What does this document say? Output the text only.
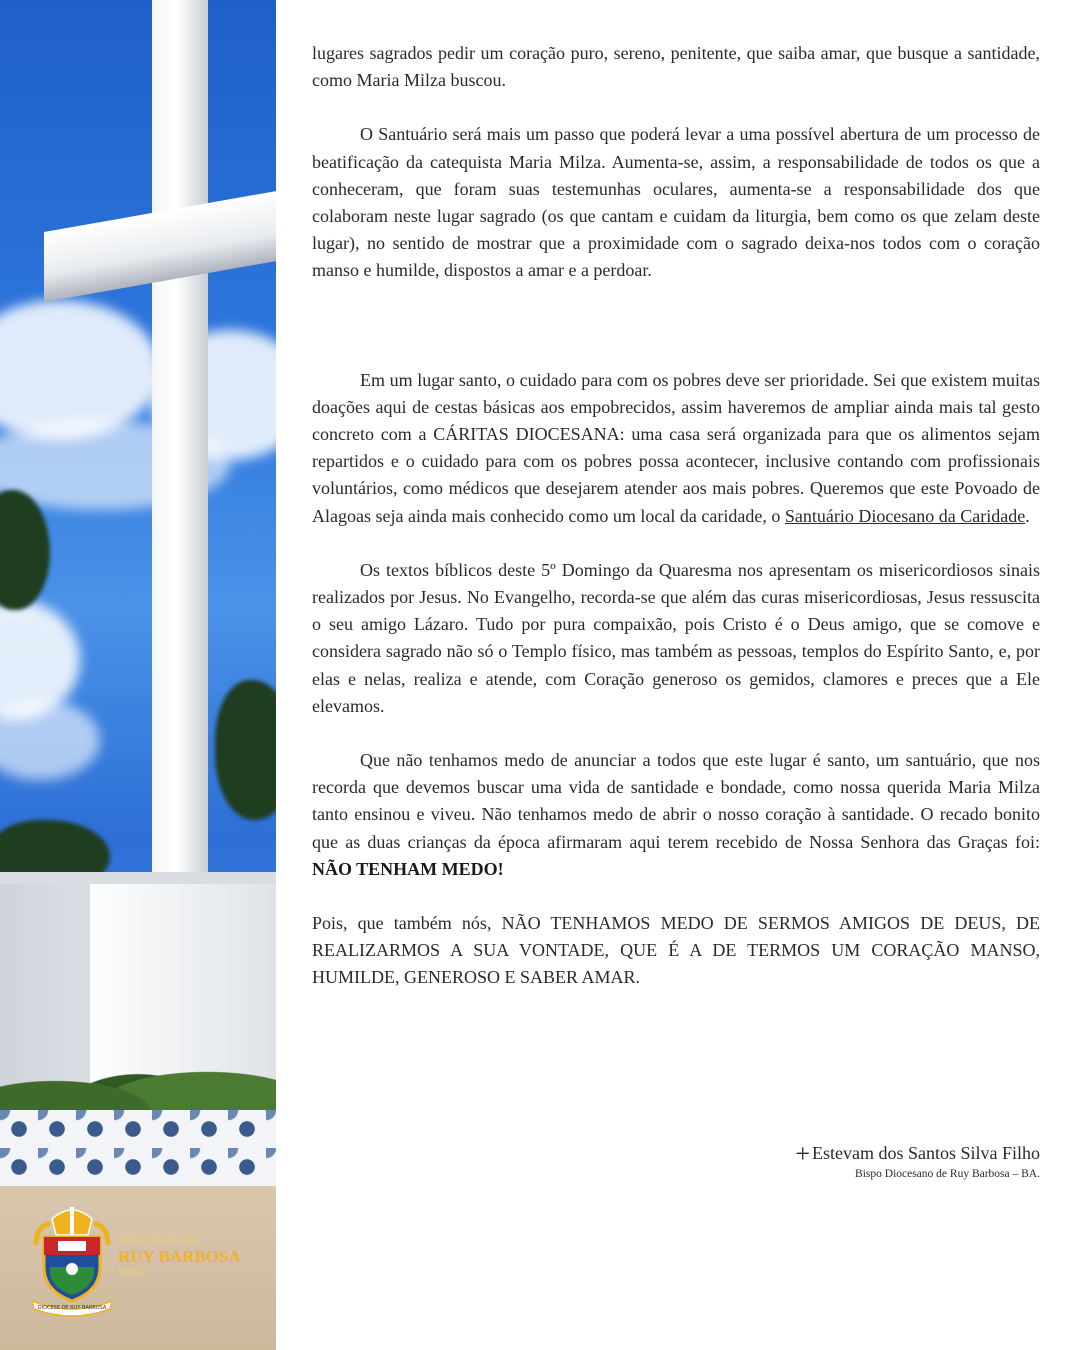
DIOCESE DE RUY BARBOSA
DIOCESE DE
RUY BARBOSA
BAHIA

lugares sagrados pedir um coração puro, sereno, penitente, que saiba amar, que busque a santidade, como Maria Milza buscou.

O Santuário será mais um passo que poderá levar a uma possível abertura de um processo de beatificação da catequista Maria Milza. Aumenta-se, assim, a responsabilidade de todos os que a conheceram, que foram suas testemunhas oculares, aumenta-se a responsabilidade dos que colaboram neste lugar sagrado (os que cantam e cuidam da liturgia, bem como os que zelam deste lugar), no sentido de mostrar que a proximidade com o sagrado deixa-nos todos com o coração manso e humilde, dispostos a amar e a perdoar.

Em um lugar santo, o cuidado para com os pobres deve ser prioridade. Sei que existem muitas doações aqui de cestas básicas aos empobrecidos, assim haveremos de ampliar ainda mais tal gesto concreto com a CÁRITAS DIOCESANA: uma casa será organizada para que os alimentos sejam repartidos e o cuidado para com os pobres possa acontecer, inclusive contando com profissionais voluntários, como médicos que desejarem atender aos mais pobres. Queremos que este Povoado de Alagoas seja ainda mais conhecido como um local da caridade, o Santuário Diocesano da Caridade.

Os textos bíblicos deste 5º Domingo da Quaresma nos apresentam os misericordiosos sinais realizados por Jesus. No Evangelho, recorda-se que além das curas misericordiosas, Jesus ressuscita o seu amigo Lázaro. Tudo por pura compaixão, pois Cristo é o Deus amigo, que se comove e considera sagrado não só o Templo físico, mas também as pessoas, templos do Espírito Santo, e, por elas e nelas, realiza e atende, com Coração generoso os gemidos, clamores e preces que a Ele elevamos.

Que não tenhamos medo de anunciar a todos que este lugar é santo, um santuário, que nos recorda que devemos buscar uma vida de santidade e bondade, como nossa querida Maria Milza tanto ensinou e viveu. Não tenhamos medo de abrir o nosso coração à santidade. O recado bonito que as duas crianças da época afirmaram aqui terem recebido de Nossa Senhora das Graças foi: NÃO TENHAM MEDO!

Pois, que também nós, NÃO TENHAMOS MEDO DE SERMOS AMIGOS DE DEUS, DE REALIZARMOS A SUA VONTADE, QUE É A DE TERMOS UM CORAÇÃO MANSO, HUMILDE, GENEROSO E SABER AMAR.

+ Estevam dos Santos Silva Filho
Bispo Diocesano de Ruy Barbosa – BA.
